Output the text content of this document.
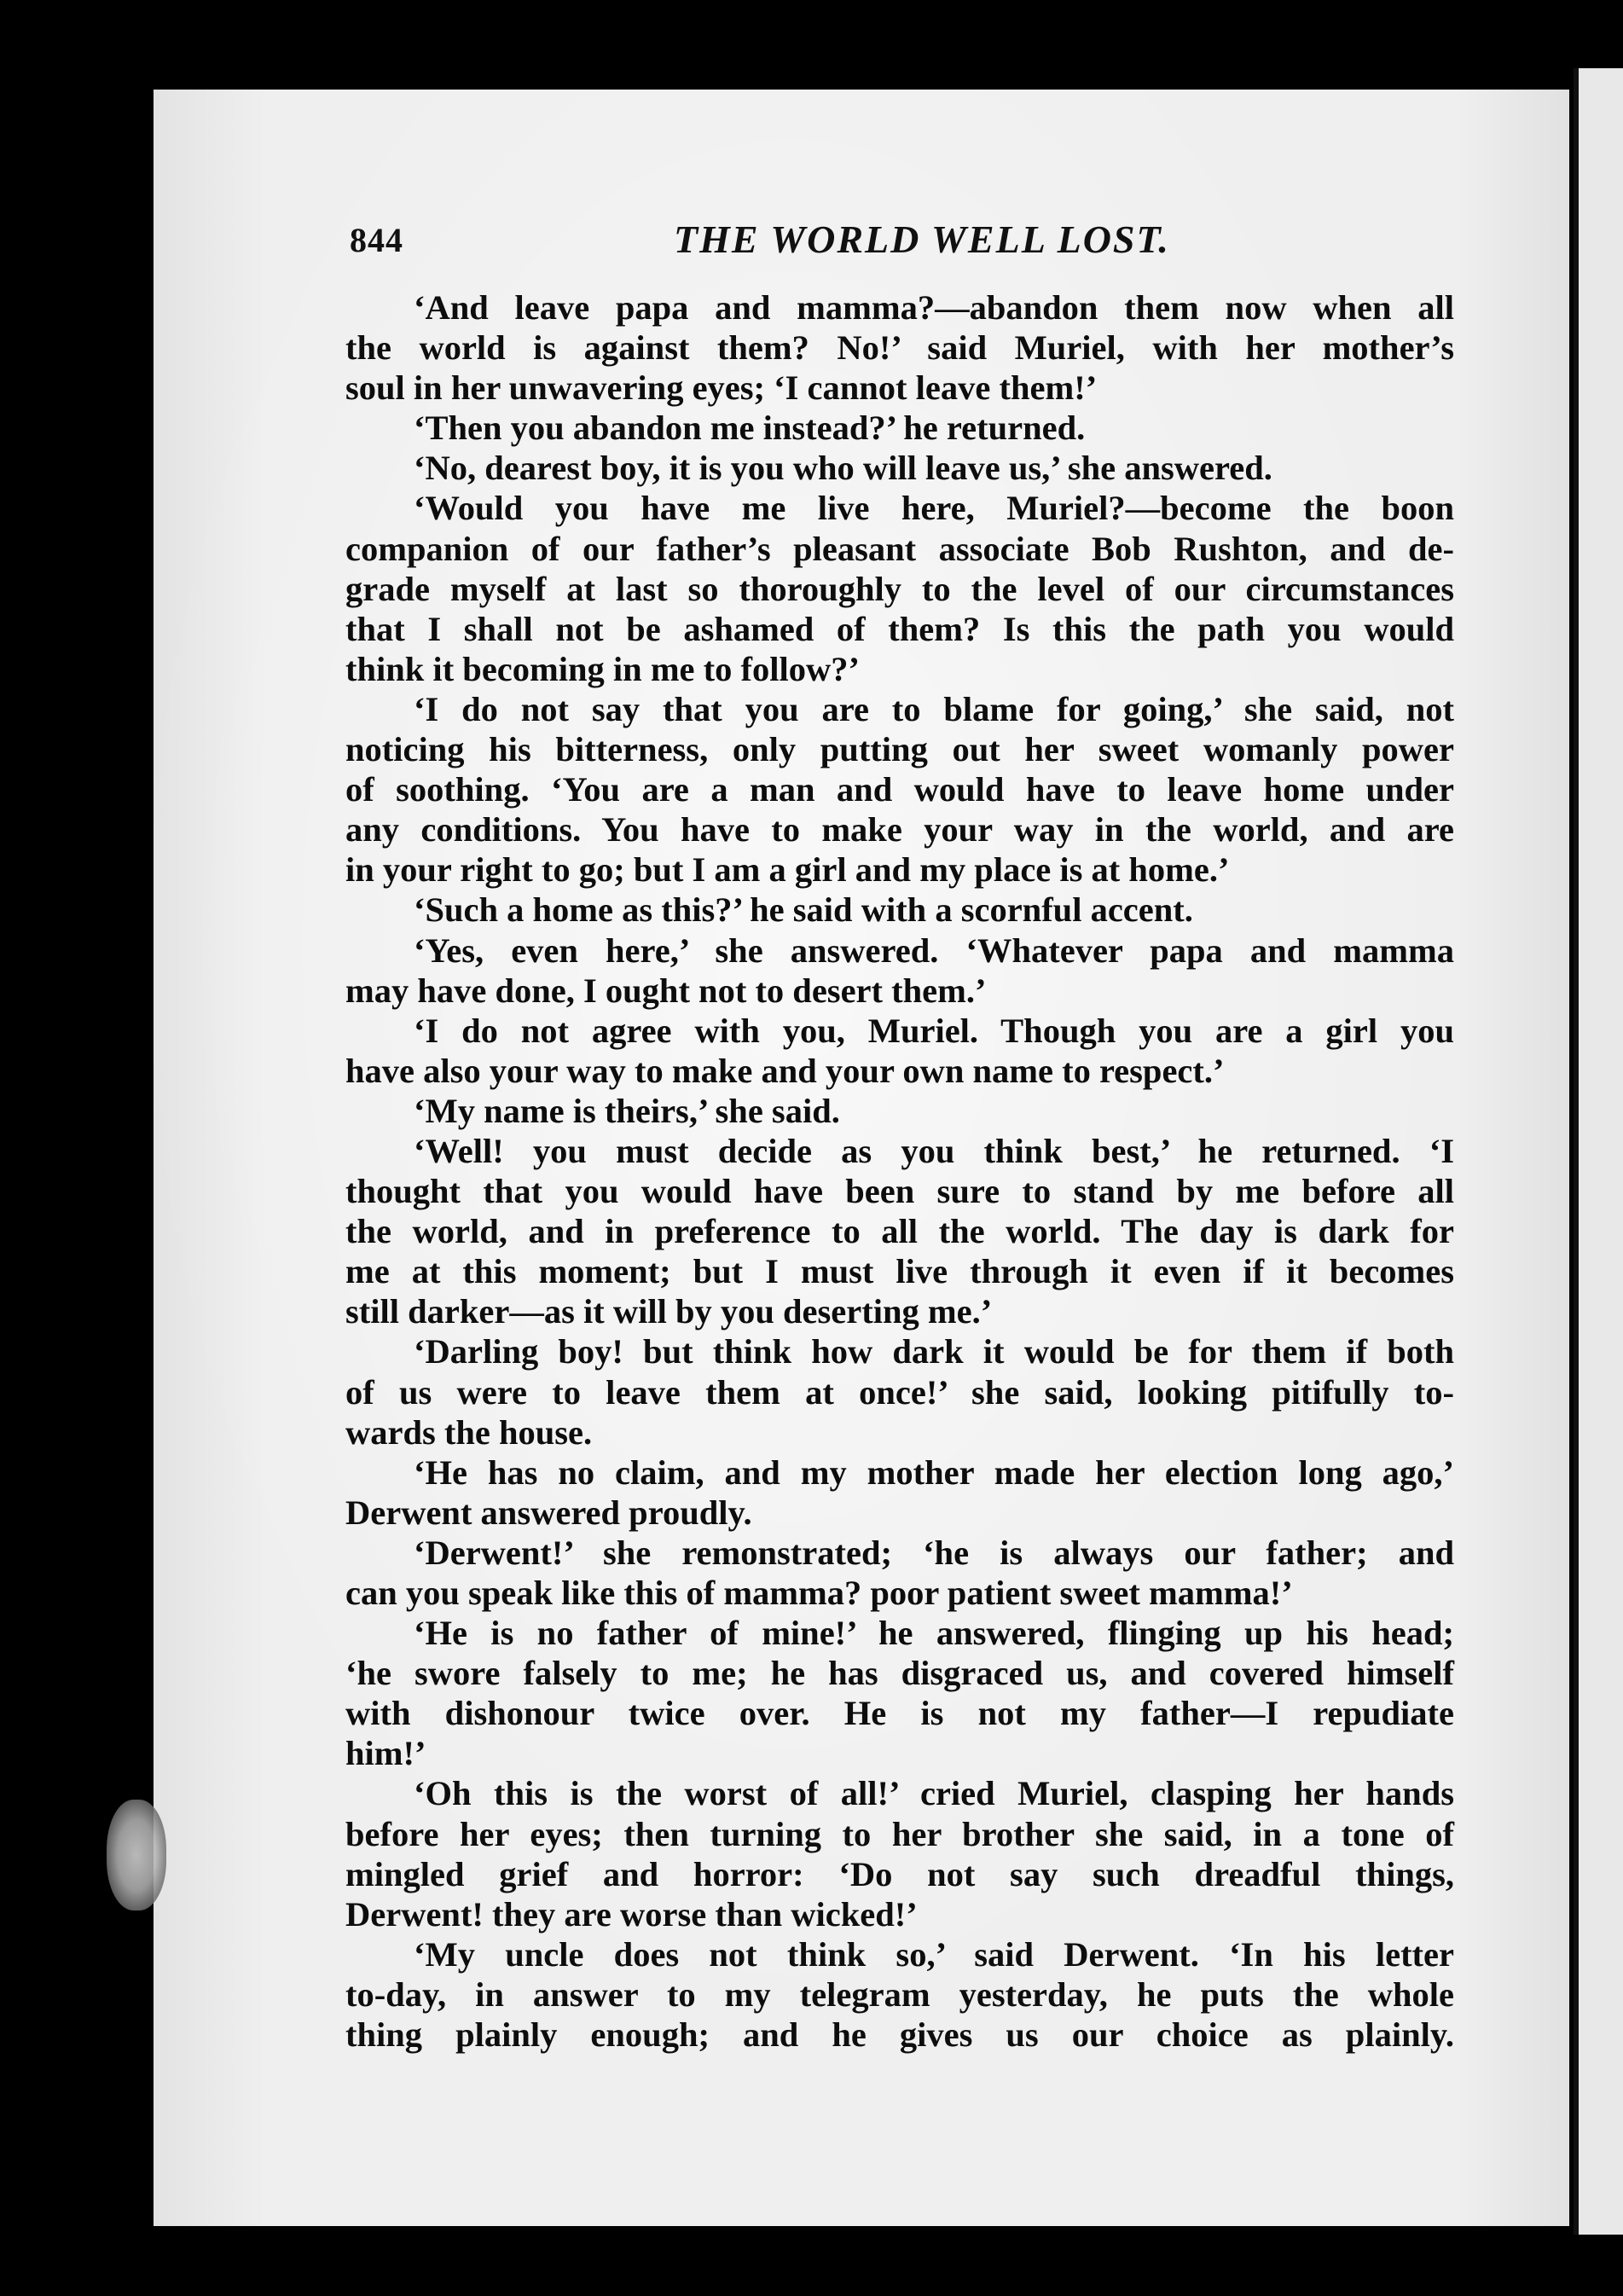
844	THE WORLD WELL LOST.
‘And leave papa and mamma?—abandon them now when all
the world is against them? No!’ said Muriel, with her mother’s
soul in her unwavering eyes; ‘I cannot leave them!’
‘Then you abandon me instead?’ he returned.
‘No, dearest boy, it is you who will leave us,’ she answered.
‘Would you have me live here, Muriel?—become the boon
companion of our father’s pleasant associate Bob Rushton, and de-
grade myself at last so thoroughly to the level of our circumstances
that I shall not be ashamed of them? Is this the path you would
think it becoming in me to follow?’
‘I do not say that you are to blame for going,’ she said, not
noticing his bitterness, only putting out her sweet womanly power
of soothing. ‘You are a man and would have to leave home under
any conditions. You have to make your way in the world, and are
in your right to go; but I am a girl and my place is at home.’
‘Such a home as this?’ he said with a scornful accent.
‘Yes, even here,’ she answered. ‘Whatever papa and mamma
may have done, I ought not to desert them.’
‘I do not agree with you, Muriel. Though you are a girl you
have also your way to make and your own name to respect.’
‘My name is theirs,’ she said.
‘Well! you must decide as you think best,’ he returned. ‘I
thought that you would have been sure to stand by me before all
the world, and in preference to all the world. The day is dark for
me at this moment; but I must live through it even if it becomes
still darker—as it will by you deserting me.’
‘Darling boy! but think how dark it would be for them if both
of us were to leave them at once!’ she said, looking pitifully to-
wards the house.
‘He has no claim, and my mother made her election long ago,’
Derwent answered proudly.
‘Derwent!’ she remonstrated; ‘he is always our father; and
can you speak like this of mamma? poor patient sweet mamma!’
‘He is no father of mine!’ he answered, flinging up his head;
‘he swore falsely to me; he has disgraced us, and covered himself
with dishonour twice over. He is not my father—I repudiate
him!’
‘Oh this is the worst of all!’ cried Muriel, clasping her hands
before her eyes; then turning to her brother she said, in a tone of
mingled grief and horror: ‘Do not say such dreadful things,
Derwent! they are worse than wicked!’
‘My uncle does not think so,’ said Derwent. ‘In his letter
to-day, in answer to my telegram yesterday, he puts the whole
thing plainly enough; and he gives us our choice as plainly.
